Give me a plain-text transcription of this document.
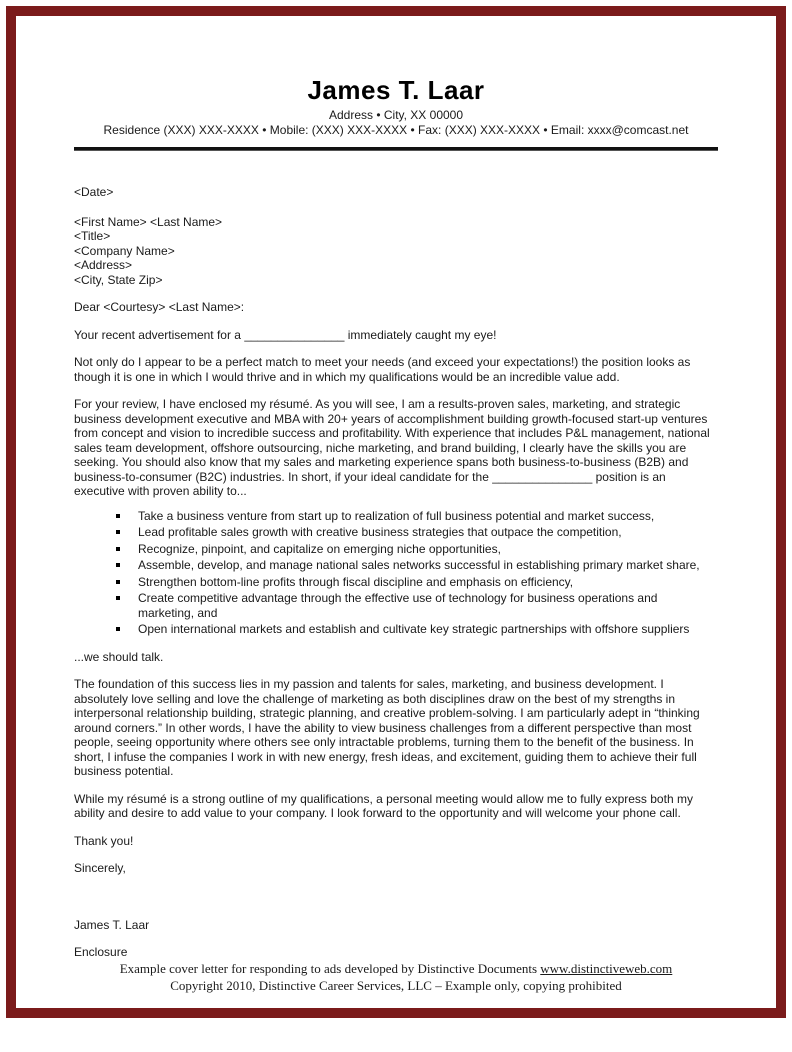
James T. Laar
Address • City, XX 00000
Residence (XXX) XXX-XXXX • Mobile: (XXX) XXX-XXXX • Fax: (XXX) XXX-XXXX • Email: xxxx@comcast.net

<Date>

<First Name> <Last Name>
<Title>
<Company Name>
<Address>
<City, State Zip>

Dear <Courtesy> <Last Name>:

Your recent advertisement for a _______________ immediately caught my eye!

Not only do I appear to be a perfect match to meet your needs (and exceed your expectations!) the position looks as though it is one in which I would thrive and in which my qualifications would be an incredible value add.

For your review, I have enclosed my résumé. As you will see, I am a results-proven sales, marketing, and strategic business development executive and MBA with 20+ years of accomplishment building growth-focused start-up ventures from concept and vision to incredible success and profitability. With experience that includes P&L management, national sales team development, offshore outsourcing, niche marketing, and brand building, I clearly have the skills you are seeking. You should also know that my sales and marketing experience spans both business-to-business (B2B) and business-to-consumer (B2C) industries. In short, if your ideal candidate for the _______________ position is an executive with proven ability to...

Take a business venture from start up to realization of full business potential and market success,
Lead profitable sales growth with creative business strategies that outpace the competition,
Recognize, pinpoint, and capitalize on emerging niche opportunities,
Assemble, develop, and manage national sales networks successful in establishing primary market share,
Strengthen bottom-line profits through fiscal discipline and emphasis on efficiency,
Create competitive advantage through the effective use of technology for business operations and marketing, and
Open international markets and establish and cultivate key strategic partnerships with offshore suppliers

...we should talk.

The foundation of this success lies in my passion and talents for sales, marketing, and business development. I absolutely love selling and love the challenge of marketing as both disciplines draw on the best of my strengths in interpersonal relationship building, strategic planning, and creative problem-solving. I am particularly adept in “thinking around corners.” In other words, I have the ability to view business challenges from a different perspective than most people, seeing opportunity where others see only intractable problems, turning them to the benefit of the business. In short, I infuse the companies I work in with new energy, fresh ideas, and excitement, guiding them to achieve their full business potential.

While my résumé is a strong outline of my qualifications, a personal meeting would allow me to fully express both my ability and desire to add value to your company. I look forward to the opportunity and will welcome your phone call.

Thank you!

Sincerely,

James T. Laar

Enclosure

Example cover letter for responding to ads developed by Distinctive Documents www.distinctiveweb.com
Copyright 2010, Distinctive Career Services, LLC – Example only, copying prohibited
